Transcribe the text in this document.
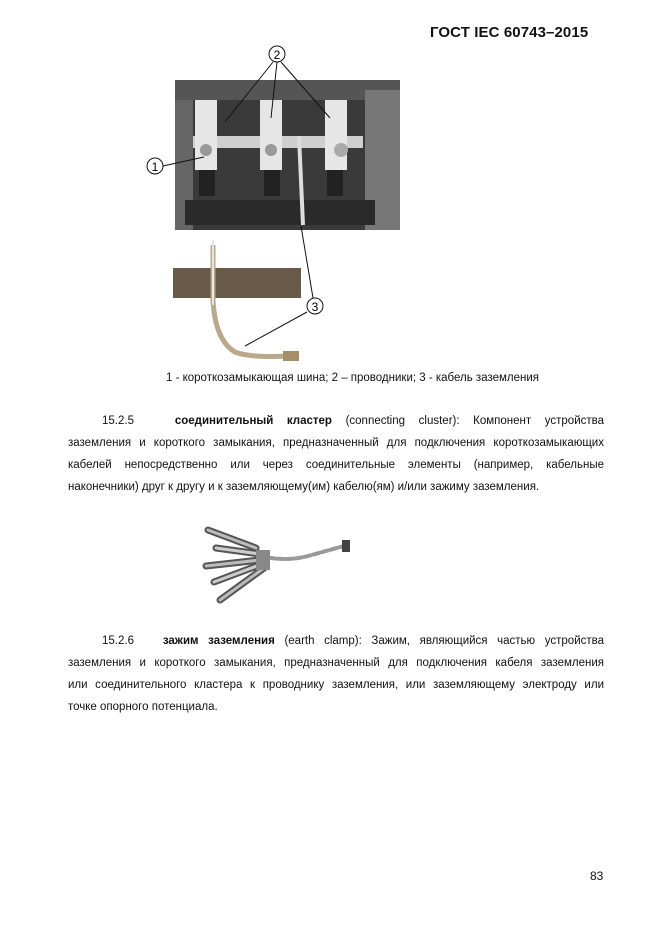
ГОСТ IEC 60743–2015
2
3
1
1 - короткозамыкающая шина; 2 – проводники; 3 - кабель заземления
15.2.5	соединительный кластер (connecting cluster): Компонент устройства
заземления и короткого замыкания, предназначенный для подключения короткозамыкающих
кабелей непосредственно или через соединительные элементы (например, кабельные
наконечники) друг к другу и к заземляющему(им) кабелю(ям) и/или зажиму заземления.
15.2.6	зажим заземления (earth clamp): Зажим, являющийся частью устройства
заземления и короткого замыкания, предназначенный для подключения кабеля заземления
или соединительного кластера к проводнику заземления, или заземляющему электроду или
точке опорного потенциала.
83
